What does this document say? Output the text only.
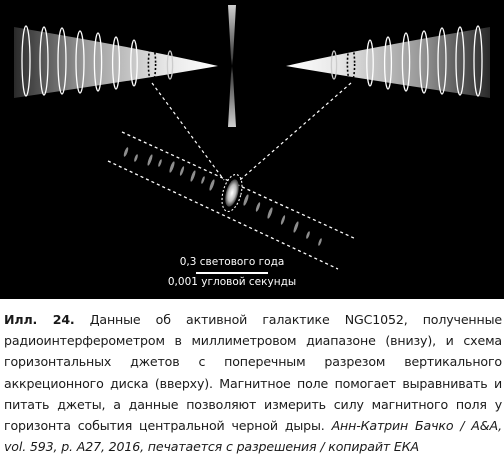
0,3 светового года
0,001 угловой секунды
Илл. 24. Данные об активной галактике NGC1052, полученные радиоинтерферометром в миллиметровом диапазоне (внизу), и схема горизонтальных джетов с поперечным разрезом вертикального аккреционного диска (вверху). Магнитное поле помогает выравнивать и питать джеты, а данные позволяют измерить силу магнитного поля у горизонта события центральной черной дыры. Анн-Катрин Бачко / A&A, vol. 593, p. A27, 2016, печатается с разрешения / копирайт ЕКА
